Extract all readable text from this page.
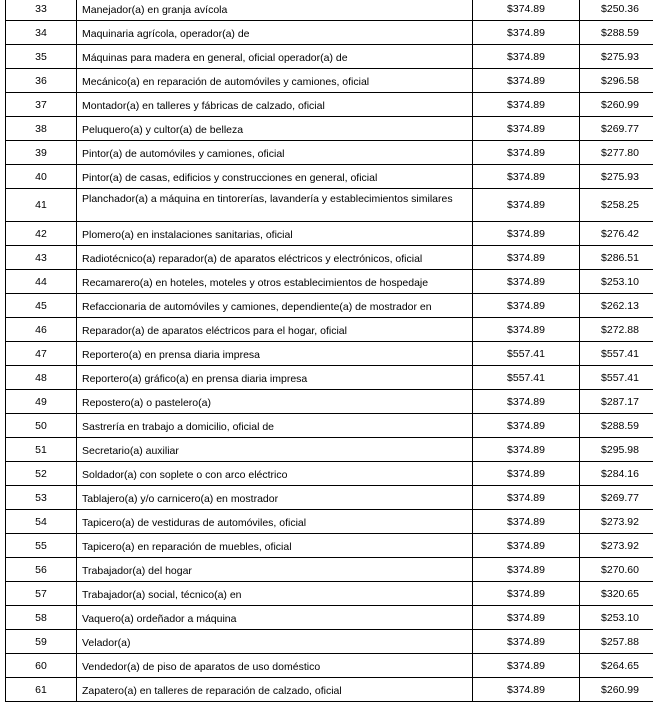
33	Manejador(a) en granja avícola	$374.89	$250.36
34	Maquinaria agrícola, operador(a) de	$374.89	$288.59
35	Máquinas para madera en general, oficial operador(a) de	$374.89	$275.93
36	Mecánico(a) en reparación de automóviles y camiones, oficial	$374.89	$296.58
37	Montador(a) en talleres y fábricas de calzado, oficial	$374.89	$260.99
38	Peluquero(a) y cultor(a) de belleza	$374.89	$269.77
39	Pintor(a) de automóviles y camiones, oficial	$374.89	$277.80
40	Pintor(a) de casas, edificios y construcciones en general, oficial	$374.89	$275.93
41	Planchador(a) a máquina en tintorerías, lavandería y establecimientos similares	$374.89	$258.25
42	Plomero(a) en instalaciones sanitarias, oficial	$374.89	$276.42
43	Radiotécnico(a) reparador(a) de aparatos eléctricos y electrónicos, oficial	$374.89	$286.51
44	Recamarero(a) en hoteles, moteles y otros establecimientos de hospedaje	$374.89	$253.10
45	Refaccionaria de automóviles y camiones, dependiente(a) de mostrador en	$374.89	$262.13
46	Reparador(a) de aparatos eléctricos para el hogar, oficial	$374.89	$272.88
47	Reportero(a) en prensa diaria impresa	$557.41	$557.41
48	Reportero(a) gráfico(a) en prensa diaria impresa	$557.41	$557.41
49	Repostero(a) o pastelero(a)	$374.89	$287.17
50	Sastrería en trabajo a domicilio, oficial de	$374.89	$288.59
51	Secretario(a) auxiliar	$374.89	$295.98
52	Soldador(a) con soplete o con arco eléctrico	$374.89	$284.16
53	Tablajero(a) y/o carnicero(a) en mostrador	$374.89	$269.77
54	Tapicero(a) de vestiduras de automóviles, oficial	$374.89	$273.92
55	Tapicero(a) en reparación de muebles, oficial	$374.89	$273.92
56	Trabajador(a) del hogar	$374.89	$270.60
57	Trabajador(a) social, técnico(a) en	$374.89	$320.65
58	Vaquero(a) ordeñador a máquina	$374.89	$253.10
59	Velador(a)	$374.89	$257.88
60	Vendedor(a) de piso de aparatos de uso doméstico	$374.89	$264.65
61	Zapatero(a) en talleres de reparación de calzado, oficial	$374.89	$260.99
